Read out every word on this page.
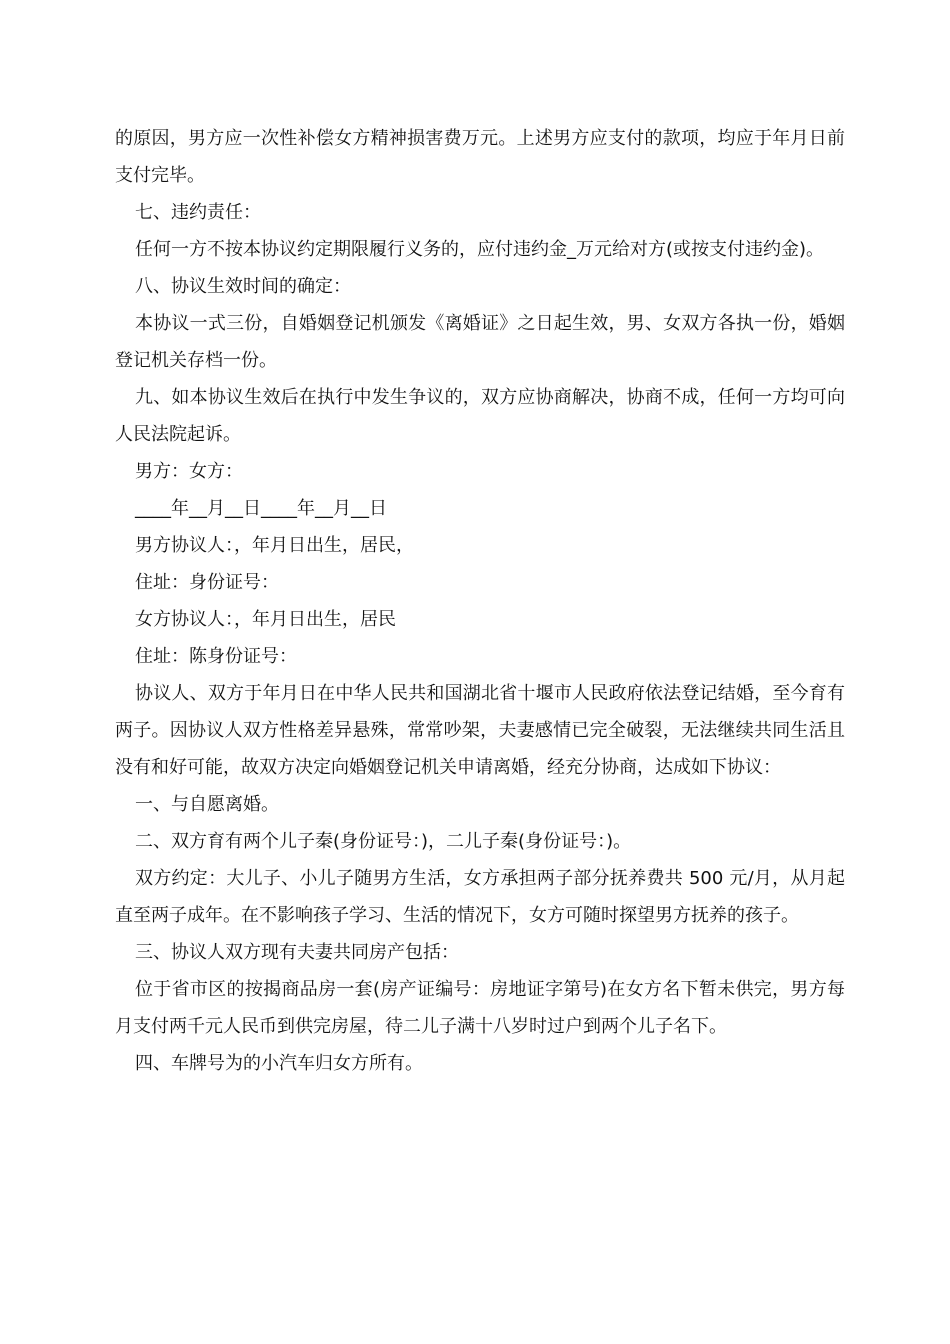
的原因，男方应一次性补偿女方精神损害费万元。上述男方应支付的款项，均应于年月日前支付完毕。

七、违约责任：

任何一方不按本协议约定期限履行义务的，应付违约金_万元给对方(或按支付违约金)。

八、协议生效时间的确定：

本协议一式三份，自婚姻登记机颁发《离婚证》之日起生效，男、女双方各执一份，婚姻登记机关存档一份。

九、如本协议生效后在执行中发生争议的，双方应协商解决，协商不成，任何一方均可向人民法院起诉。

男方：女方：

____年__月__日____年__月__日

男方协议人：，年月日出生，居民，

住址：身份证号：

女方协议人：，年月日出生，居民

住址：陈身份证号：

协议人、双方于年月日在中华人民共和国湖北省十堰市人民政府依法登记结婚，至今育有两子。因协议人双方性格差异悬殊，常常吵架，夫妻感情已完全破裂，无法继续共同生活且没有和好可能，故双方决定向婚姻登记机关申请离婚，经充分协商，达成如下协议：

一、与自愿离婚。

二、双方育有两个儿子秦(身份证号：)，二儿子秦(身份证号：)。

双方约定：大儿子、小儿子随男方生活，女方承担两子部分抚养费共 500 元/月，从月起直至两子成年。在不影响孩子学习、生活的情况下，女方可随时探望男方抚养的孩子。

三、协议人双方现有夫妻共同房产包括：

位于省市区的按揭商品房一套(房产证编号：房地证字第号)在女方名下暂未供完，男方每月支付两千元人民币到供完房屋，待二儿子满十八岁时过户到两个儿子名下。

四、车牌号为的小汽车归女方所有。
